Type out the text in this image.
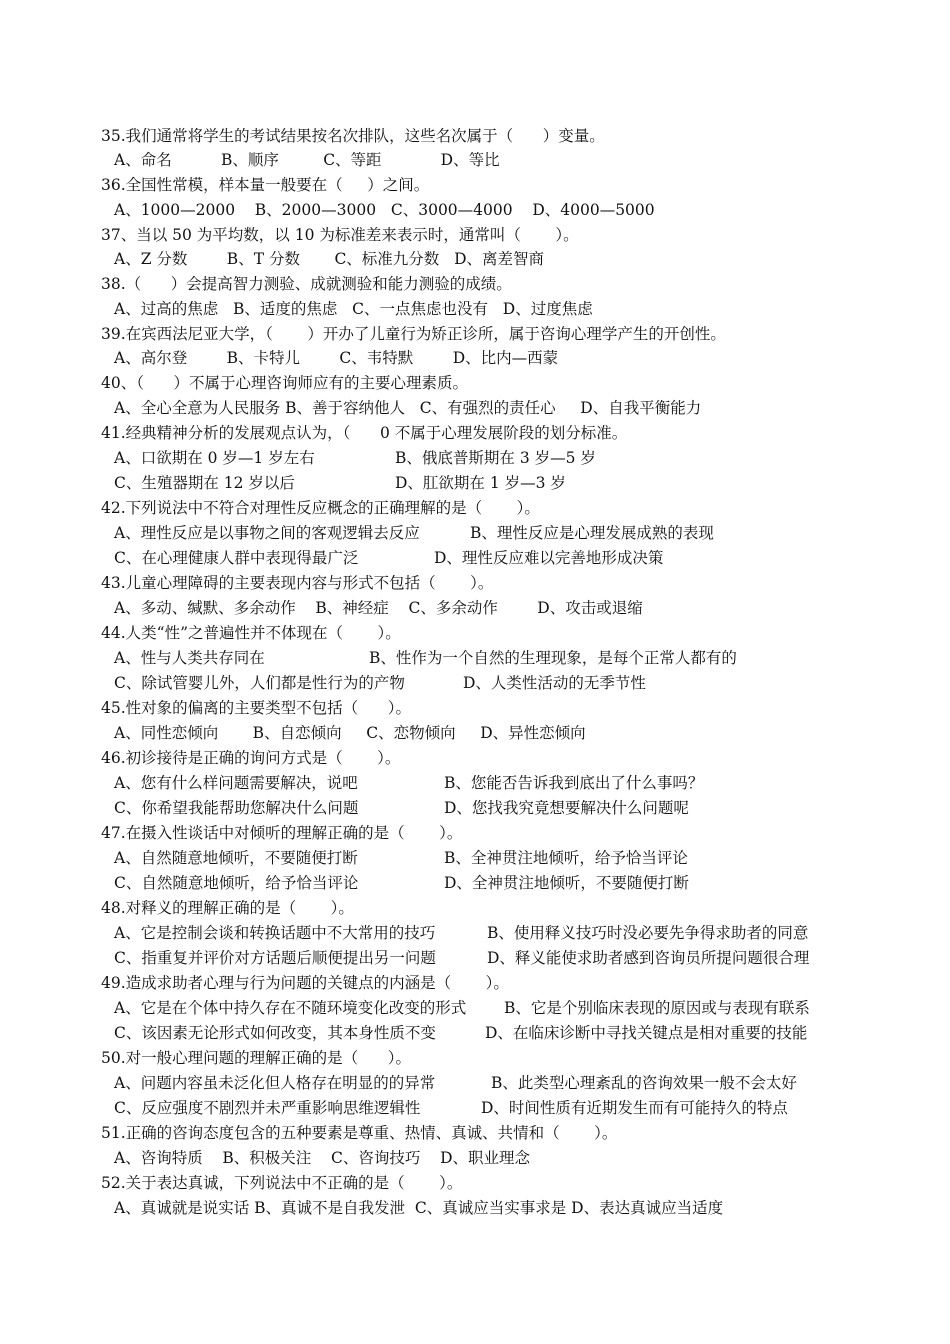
35.我们通常将学生的考试结果按名次排队，这些名次属于（      ）变量。
A、命名          B、顺序         C、等距            D、等比
36.全国性常模，样本量一般要在（     ）之间。
A、1000—2000    B、2000—3000   C、3000—4000    D、4000—5000
37、当以 50 为平均数，以 10 为标准差来表示时，通常叫（       ）。
A、Z 分数        B、T 分数       C、标准九分数   D、离差智商
38.（      ）会提高智力测验、成就测验和能力测验的成绩。
A、过高的焦虑   B、适度的焦虑   C、一点焦虑也没有   D、过度焦虑
39.在宾西法尼亚大学，（       ）开办了儿童行为矫正诊所，属于咨询心理学产生的开创性。
A、高尔登        B、卡特儿        C、韦特默        D、比内—西蒙
40、（      ）不属于心理咨询师应有的主要心理素质。
A、全心全意为人民服务 B、善于容纳他人   C、有强烈的责任心     D、自我平衡能力
41.经典精神分析的发展观点认为，（      0 不属于心理发展阶段的划分标准。
A、口欲期在 0 岁—1 岁左右	B、俄底普斯期在 3 岁—5 岁
C、生殖器期在 12 岁以后	D、肛欲期在 1 岁—3 岁
42.下列说法中不符合对理性反应概念的正确理解的是（       ）。
A、理性反应是以事物之间的客观逻辑去反应	B、理性反应是心理发展成熟的表现
C、在心理健康人群中表现得最广泛	D、理性反应难以完善地形成决策
43.儿童心理障碍的主要表现内容与形式不包括（       ）。
A、多动、缄默、多余动作    B、神经症    C、多余动作        D、攻击或退缩
44.人类“性”之普遍性并不体现在（       ）。
A、性与人类共存同在	B、性作为一个自然的生理现象，是每个正常人都有的
C、除试管婴儿外，人们都是性行为的产物	D、人类性活动的无季节性
45.性对象的偏离的主要类型不包括（      ）。
A、同性恋倾向       B、自恋倾向     C、恋物倾向     D、异性恋倾向
46.初诊接待是正确的询问方式是（       ）。
A、您有什么样问题需要解决，说吧	B、您能否告诉我到底出了什么事吗？
C、你希望我能帮助您解决什么问题	D、您找我究竟想要解决什么问题呢
47.在摄入性谈话中对倾听的理解正确的是（       ）。
A、自然随意地倾听，不要随便打断	B、全神贯注地倾听，给予恰当评论
C、自然随意地倾听，给予恰当评论	D、全神贯注地倾听，不要随便打断
48.对释义的理解正确的是（       ）。
A、它是控制会谈和转换话题中不大常用的技巧	B、使用释义技巧时没必要先争得求助者的同意
C、指重复并评价对方话题后顺便提出另一问题	D、释义能使求助者感到咨询员所提问题很合理
49.造成求助者心理与行为问题的关键点的内涵是（       ）。
A、它是在个体中持久存在不随环境变化改变的形式 B、它是个别临床表现的原因或与表现有联系
C、该因素无论形式如何改变，其本身性质不变	D、在临床诊断中寻找关键点是相对重要的技能
50.对一般心理问题的理解正确的是（      ）。
A、问题内容虽未泛化但人格存在明显的的异常	B、此类型心理紊乱的咨询效果一般不会太好
C、反应强度不剧烈并未严重影响思维逻辑性	D、时间性质有近期发生而有可能持久的特点
51.正确的咨询态度包含的五种要素是尊重、热情、真诚、共情和（       ）。
A、咨询特质    B、积极关注    C、咨询技巧    D、职业理念
52.关于表达真诚，下列说法中不正确的是（       ）。
A、真诚就是说实话 B、真诚不是自我发泄  C、真诚应当实事求是 D、表达真诚应当适度
